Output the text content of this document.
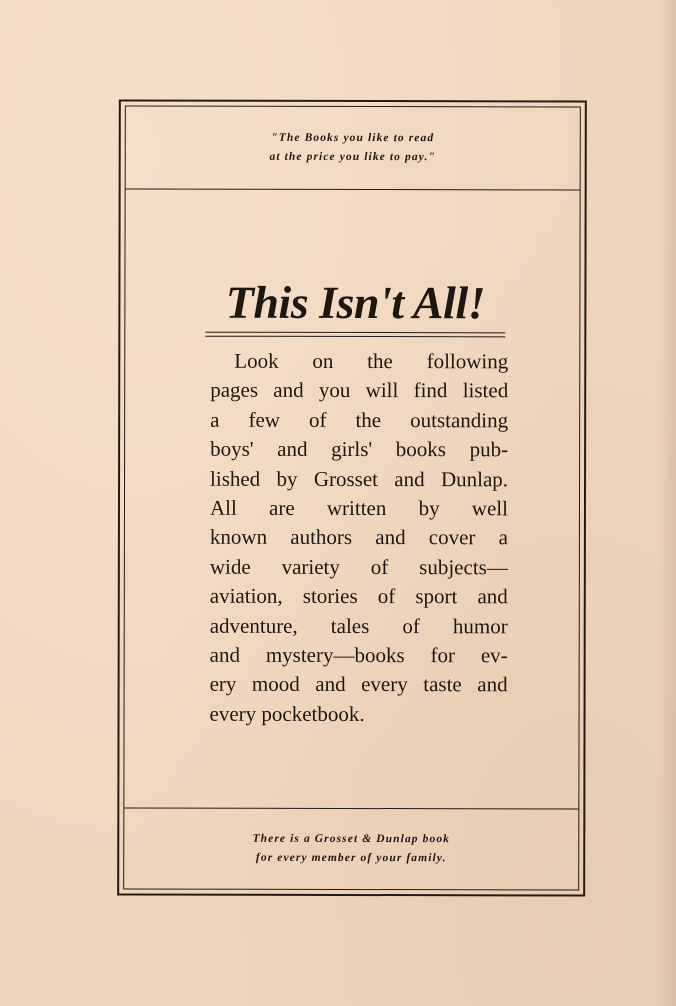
"The Books you like to read
at the price you like to pay."
This Isn't All!
Look on the following
pages and you will find listed
a few of the outstanding
boys' and girls' books pub-
lished by Grosset and Dunlap.
All are written by well
known authors and cover a
wide variety of subjects—
aviation, stories of sport and
adventure, tales of humor
and mystery—books for ev-
ery mood and every taste and
every pocketbook.
There is a Grosset & Dunlap book
for every member of your family.
